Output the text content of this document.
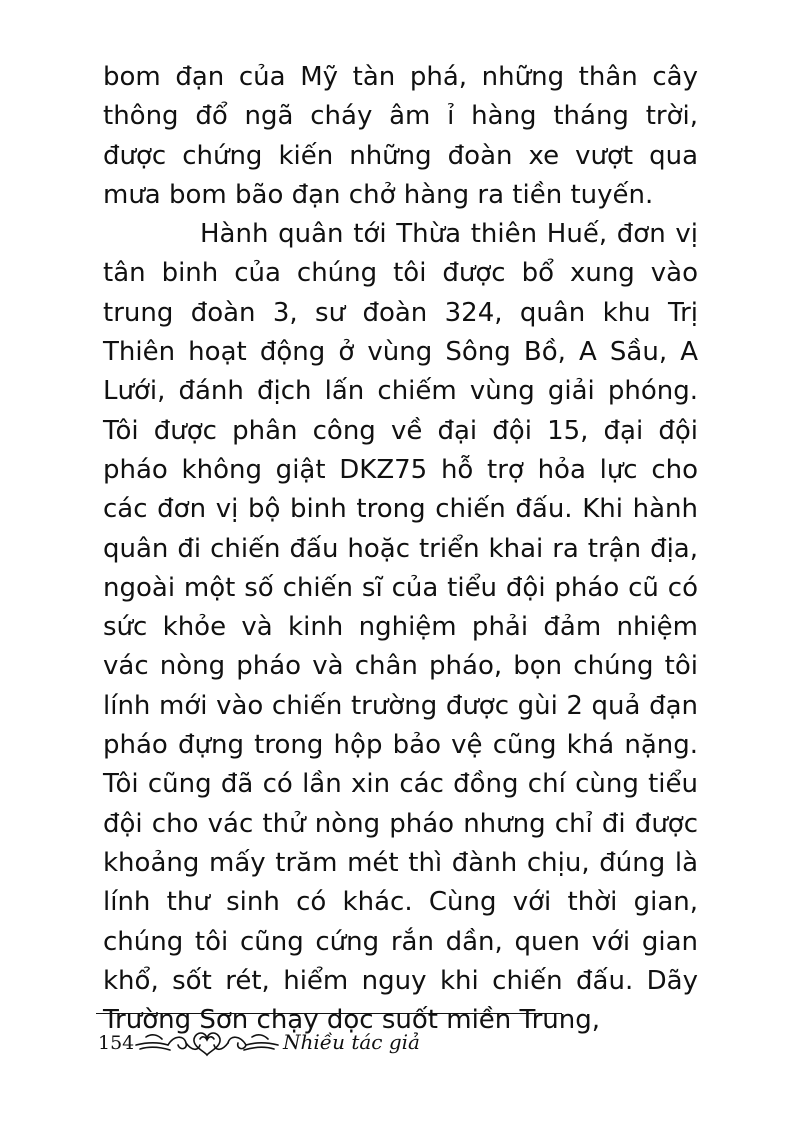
bom đạn của Mỹ tàn phá, những thân cây thông đổ ngã cháy âm ỉ hàng tháng trời, được chứng kiến những đoàn xe vượt qua mưa bom bão đạn chở hàng ra tiền tuyến.

Hành quân tới Thừa thiên Huế, đơn vị tân binh của chúng tôi được bổ xung vào trung đoàn 3, sư đoàn 324, quân khu Trị Thiên hoạt động ở vùng Sông Bồ, A Sầu, A Lưới, đánh địch lấn chiếm vùng giải phóng. Tôi được phân công về đại đội 15, đại đội pháo không giật DKZ75 hỗ trợ hỏa lực cho các đơn vị bộ binh trong chiến đấu. Khi hành quân đi chiến đấu hoặc triển khai ra trận địa, ngoài một số chiến sĩ của tiểu đội pháo cũ có sức khỏe và kinh nghiệm phải đảm nhiệm vác nòng pháo và chân pháo, bọn chúng tôi lính mới vào chiến trường được gùi 2 quả đạn pháo đựng trong hộp bảo vệ cũng khá nặng. Tôi cũng đã có lần xin các đồng chí cùng tiểu đội cho vác thử nòng pháo nhưng chỉ đi được khoảng mấy trăm mét thì đành chịu, đúng là lính thư sinh có khác. Cùng với thời gian, chúng tôi cũng cứng rắn dần, quen với gian khổ, sốt rét, hiểm nguy khi chiến đấu. Dãy Trường Sơn chạy dọc suốt miền Trung,

154	Nhiều tác giả
